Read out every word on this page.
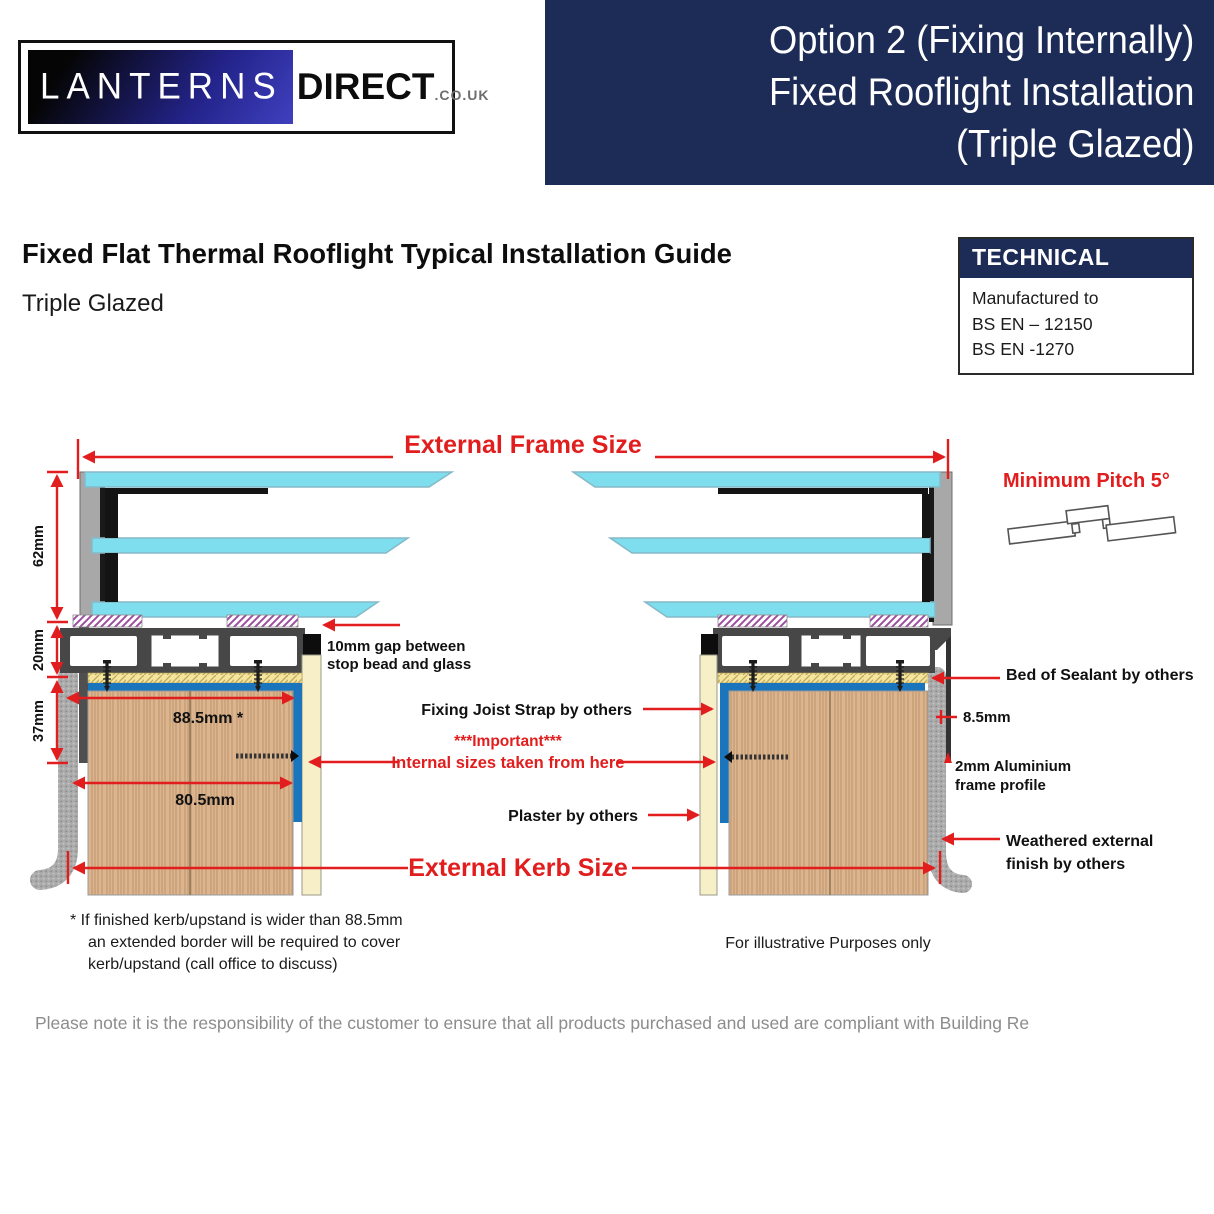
LANTERNS DIRECT .CO.UK
Option 2 (Fixing Internally)
Fixed Rooflight Installation
(Triple Glazed)
Fixed Flat Thermal Rooflight Typical Installation Guide
Triple Glazed
TECHNICAL
Manufactured to
BS EN – 12150
BS EN -1270
External Frame Size
Minimum Pitch 5°
62mm
20mm
37mm
10mm gap between
stop bead and glass
88.5mm *
80.5mm
Fixing Joist Strap by others
***Important***
Internal sizes taken from here
Plaster by others
External Kerb Size
Bed of Sealant by others
8.5mm
2mm Aluminium
frame profile
Weathered external
finish by others
For illustrative Purposes only
* If finished kerb/upstand is wider than 88.5mm
an extended border will be required to cover
kerb/upstand (call office to discuss)
Please note it is the responsibility of the customer to ensure that all products purchased and used are compliant with Building Re
